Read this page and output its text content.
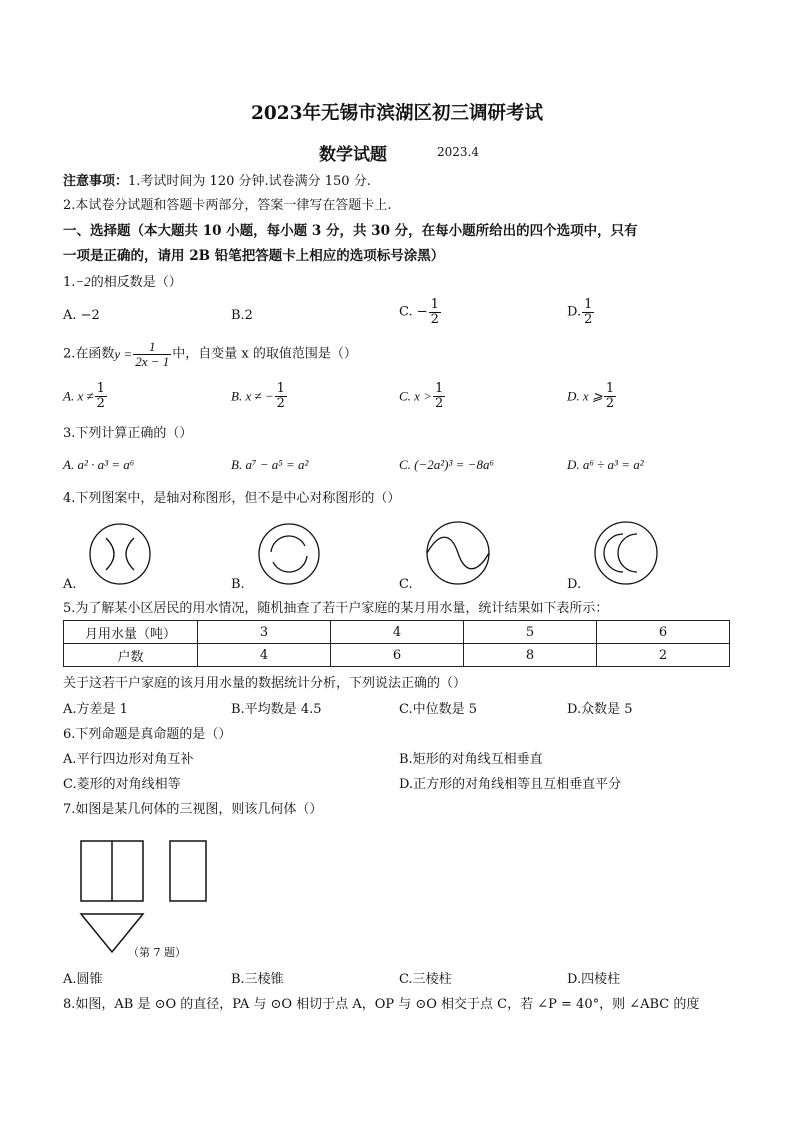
2023年无锡市滨湖区初三调研考试
数学试题	2023.4
注意事项：1.考试时间为 120 分钟.试卷满分 150 分.
2.本试卷分试题和答题卡两部分，答案一律写在答题卡上.
一、选择题（本大题共 10 小题，每小题 3 分，共 30 分，在每小题所给出的四个选项中，只有
一项是正确的，请用 2B 铅笔把答题卡上相应的选项标号涂黑）
1.−2的相反数是（）
A. −2	B.2	C. − $\frac{1}{2}$	D. $\frac{1}{2}$
2.在函数$y = \frac{1}{2x - 1}$ 中，自变量 x 的取值范围是（）
A. $x \ne \frac{1}{2}$	B. x ≠ − $\frac{1}{2}$	C. $x > \frac{1}{2}$	D. x ⩾ $\frac{1}{2}$
3.下列计算正确的（）
A. a² · a³ = a⁶	B. a⁷ − a⁵ = a²	C. (−2a²)³ = −8a⁶	D. a⁶ ÷ a³ = a²
4.下列图案中，是轴对称图形，但不是中心对称图形的（）
A.	B.	C.	D.
5.为了解某小区居民的用水情况，随机抽查了若干户家庭的某月用水量，统计结果如下表所示：
月用水量（吨）	3	4	5	6
户数	4	6	8	2
关于这若干户家庭的该月用水量的数据统计分析，下列说法正确的（）
A.方差是 1	B.平均数是 4.5	C.中位数是 5	D.众数是 5
6.下列命题是真命题的是（）
A.平行四边形对角互补	B.矩形的对角线互相垂直
C.菱形的对角线相等	D.正方形的对角线相等且互相垂直平分
7.如图是某几何体的三视图，则该几何体（）
（第 7 题）
A.圆锥	B.三棱锥	C.三棱柱	D.四棱柱
8.如图，AB 是 ⊙O 的直径，PA 与 ⊙O 相切于点 A，OP 与 ⊙O 相交于点 C，若 ∠P = 40°，则 ∠ABC 的度
